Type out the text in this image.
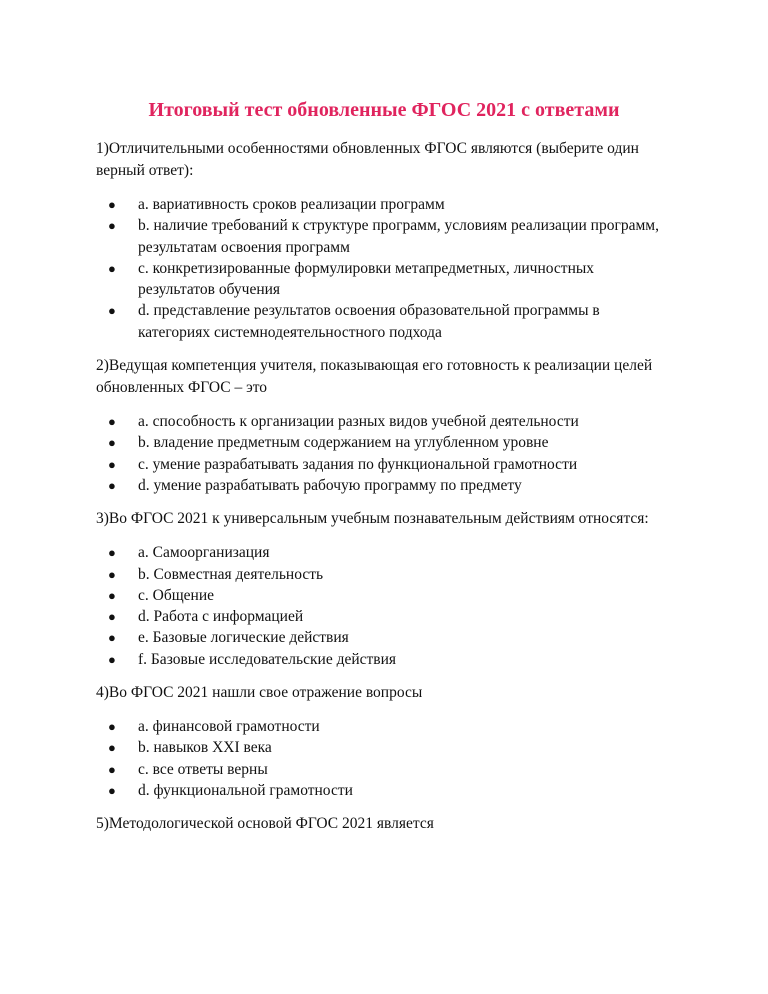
Итоговый тест обновленные ФГОС 2021 с ответами

1)Отличительными особенностями обновленных ФГОС являются (выберите один верный ответ):

● a. вариативность сроков реализации программ
● b. наличие требований к структуре программ, условиям реализации программ, результатам освоения программ
● c. конкретизированные формулировки метапредметных, личностных результатов обучения
● d. представление результатов освоения образовательной программы в категориях системнодеятельностного подхода

2)Ведущая компетенция учителя, показывающая его готовность к реализации целей обновленных ФГОС – это

● a. способность к организации разных видов учебной деятельности
● b. владение предметным содержанием на углубленном уровне
● c. умение разрабатывать задания по функциональной грамотности
● d. умение разрабатывать рабочую программу по предмету

3)Во ФГОС 2021 к универсальным учебным познавательным действиям относятся:

● a. Самоорганизация
● b. Совместная деятельность
● c. Общение
● d. Работа с информацией
● e. Базовые логические действия
● f. Базовые исследовательские действия

4)Во ФГОС 2021 нашли свое отражение вопросы

● a. финансовой грамотности
● b. навыков XXI века
● c. все ответы верны
● d. функциональной грамотности

5)Методологической основой ФГОС 2021 является
